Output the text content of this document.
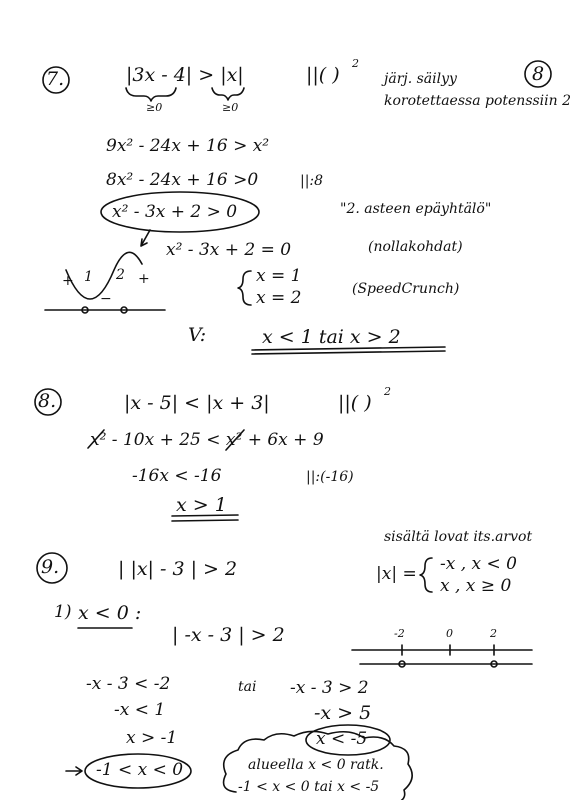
7.	|3x - 4| > |x|
≥0	≥0
||( )
2
järj. säilyy
korotettaessa potenssiin 2
8
9x² - 24x + 16 > x²
8x² - 24x + 16 >0	||:8
x² - 3x + 2 > 0	"2. asteen epäyhtälö"
x² - 3x + 2 = 0	(nollakohdat)
x = 1
x = 2	(SpeedCrunch)
+ 1 2 +
−
V:	x < 1 tai x > 2
8.	|x - 5| < |x + 3|	||( )
2
x² - 10x + 25 < x² + 6x + 9
-16x < -16	||:(-16)
x > 1
9.	| |x| - 3 | > 2
sisältä lovat its.arvot
|x| = -x , x < 0
x , x ≥ 0
1) x < 0 :
| -x - 3 | > 2	-2	0	2
-x - 3 < -2	tai
-x < 1
x > -1
-1 < x < 0
-x - 3 > 2
-x > 5
x < -5
alueella x < 0 ratk.
-1 < x < 0 tai x < -5
